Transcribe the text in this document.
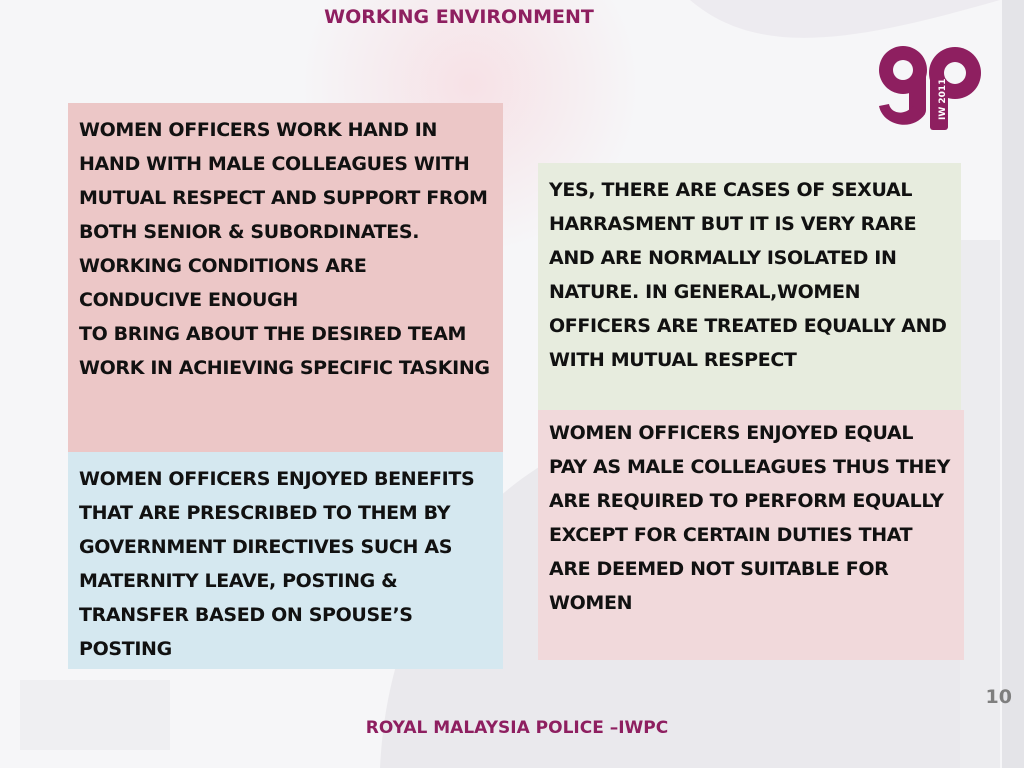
WORKING ENVIRONMENT
IW 2011

WOMEN OFFICERS WORK HAND IN HAND WITH MALE COLLEAGUES WITH MUTUAL RESPECT AND SUPPORT FROM BOTH SENIOR & SUBORDINATES. WORKING CONDITIONS ARE CONDUCIVE ENOUGH

TO BRING ABOUT THE DESIRED TEAM WORK IN ACHIEVING SPECIFIC TASKING

WOMEN OFFICERS ENJOYED BENEFITS THAT ARE PRESCRIBED TO THEM BY GOVERNMENT DIRECTIVES SUCH AS MATERNITY LEAVE, POSTING & TRANSFER BASED ON SPOUSE’S POSTING

YES, THERE ARE CASES OF SEXUAL HARRASMENT BUT IT IS VERY RARE AND ARE NORMALLY ISOLATED IN

NATURE. IN GENERAL,WOMEN OFFICERS ARE TREATED EQUALLY AND WITH MUTUAL RESPECT

WOMEN OFFICERS ENJOYED EQUAL PAY AS MALE COLLEAGUES THUS THEY ARE REQUIRED TO PERFORM EQUALLY EXCEPT FOR CERTAIN DUTIES THAT ARE DEEMED NOT SUITABLE FOR WOMEN

10
ROYAL MALAYSIA POLICE –IWPC
